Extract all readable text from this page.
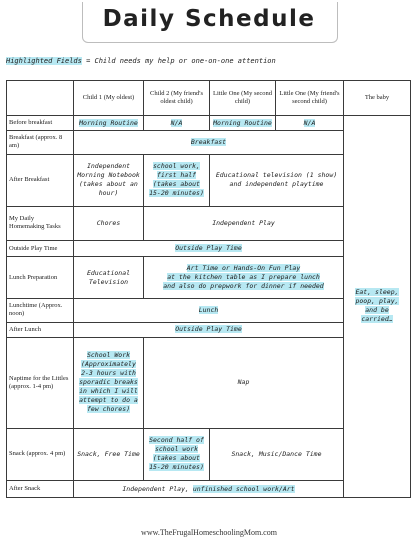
Daily Schedule
Highlighted Fields = Child needs my help or one-on-one attention
	Child 1 (My oldest)	Child 2 (My friend's oldest child)	Little One (My second child)	Little One (My friend's second child)	The baby
Before breakfast	Morning Routine	N/A	Morning Routine	N/A	Eat, sleep, poop, play, and be carried…
Breakfast (approx. 8 am)	Breakfast				
After Breakfast	Independent Morning Notebook (takes about an hour)	school work, first half (takes about 15-20 minutes)	Educational television (1 show) and independent playtime		
My Daily Homemaking Tasks	Chores	Independent Play			
Outside Play Time	Outside Play Time				
Lunch Preparation	Educational Television	Art Time or Hands-On Fun Play
at the kitchen table as I prepare lunch
and also do prepwork for dinner if needed			
Lunchtime (Approx. noon)	Lunch				
After Lunch	Outside Play Time				
Naptime for the Littles (approx. 1-4 pm)	School Work (Approximately 2-3 hours with sporadic breaks in which I will attempt to do a few chores)	Nap			
Snack (approx. 4 pm)	Snack, Free Time	Second half of school work (takes about 15-20 minutes)	Snack, Music/Dance Time		
After Snack	Independent Play, unfinished school work/Art				
www.TheFrugalHomeschoolingMom.com
